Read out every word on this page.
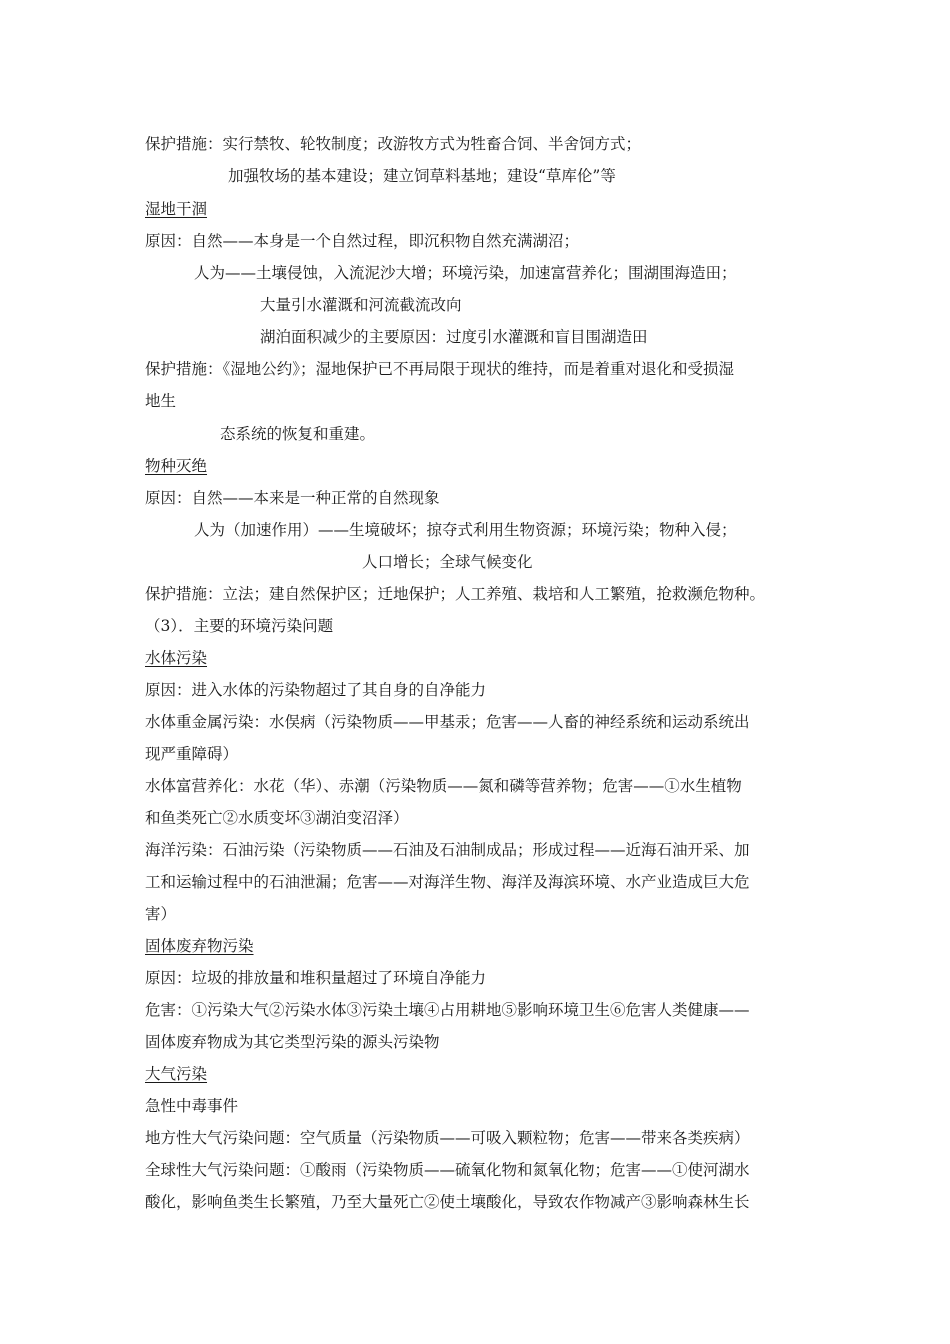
保护措施：实行禁牧、轮牧制度；改游牧方式为牲畜合饲、半舍饲方式；
加强牧场的基本建设；建立饲草料基地；建设“草库伦”等
湿地干涸
原因：自然——本身是一个自然过程，即沉积物自然充满湖沼；
人为——土壤侵蚀，入流泥沙大增；环境污染，加速富营养化；围湖围海造田；
大量引水灌溉和河流截流改向
湖泊面积减少的主要原因：过度引水灌溉和盲目围湖造田
保护措施：《湿地公约》；湿地保护已不再局限于现状的维持，而是着重对退化和受损湿
地生
态系统的恢复和重建。
物种灭绝
原因：自然——本来是一种正常的自然现象
人为（加速作用）——生境破坏；掠夺式利用生物资源；环境污染；物种入侵；
人口增长；全球气候变化
保护措施：立法；建自然保护区；迁地保护；人工养殖、栽培和人工繁殖，抢救濒危物种。
（3）．主要的环境污染问题
水体污染
原因：进入水体的污染物超过了其自身的自净能力
水体重金属污染：水俣病（污染物质——甲基汞；危害——人畜的神经系统和运动系统出
现严重障碍）
水体富营养化：水花（华）、赤潮（污染物质——氮和磷等营养物；危害——①水生植物
和鱼类死亡②水质变坏③湖泊变沼泽）
海洋污染：石油污染（污染物质——石油及石油制成品；形成过程——近海石油开采、加
工和运输过程中的石油泄漏；危害——对海洋生物、海洋及海滨环境、水产业造成巨大危
害）
固体废弃物污染
原因：垃圾的排放量和堆积量超过了环境自净能力
危害：①污染大气②污染水体③污染土壤④占用耕地⑤影响环境卫生⑥危害人类健康——
固体废弃物成为其它类型污染的源头污染物
大气污染
急性中毒事件
地方性大气污染问题：空气质量（污染物质——可吸入颗粒物；危害——带来各类疾病）
全球性大气污染问题：①酸雨（污染物质——硫氧化物和氮氧化物；危害——①使河湖水
酸化，影响鱼类生长繁殖，乃至大量死亡②使土壤酸化，导致农作物减产③影响森林生长
